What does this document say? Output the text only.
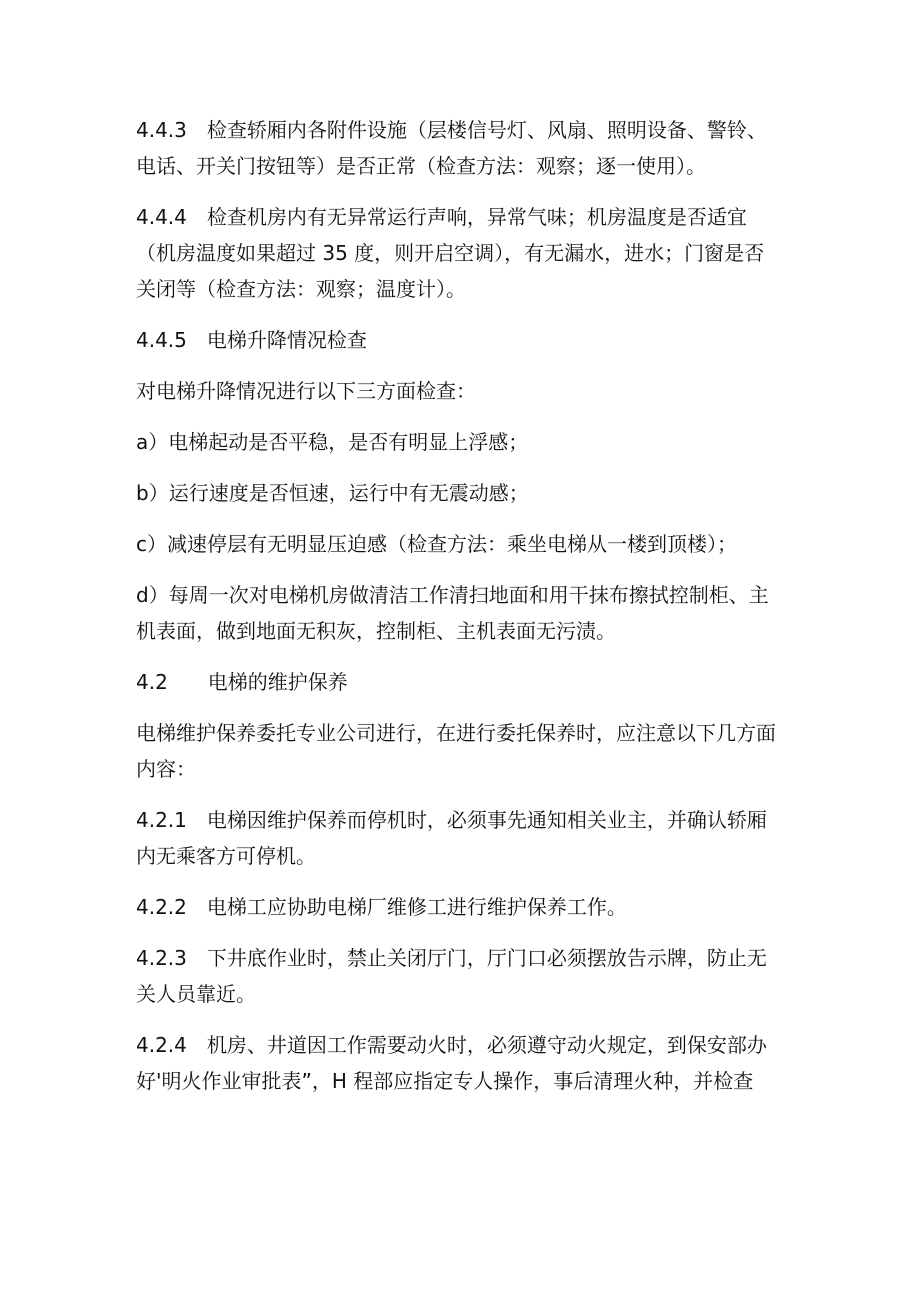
4.4.3　检查轿厢内各附件设施（层楼信号灯、风扇、照明设备、警铃、
电话、开关门按钮等）是否正常（检查方法：观察；逐一使用）。

4.4.4　检查机房内有无异常运行声响，异常气味；机房温度是否适宜
（机房温度如果超过 35 度，则开启空调），有无漏水，进水；门窗是否
关闭等（检查方法：观察；温度计）。

4.4.5　电梯升降情况检查

对电梯升降情况进行以下三方面检查：

a）电梯起动是否平稳，是否有明显上浮感；

b）运行速度是否恒速，运行中有无震动感；

c）减速停层有无明显压迫感（检查方法：乘坐电梯从一楼到顶楼）；

d）每周一次对电梯机房做清洁工作清扫地面和用干抹布擦拭控制柜、主
机表面，做到地面无积灰，控制柜、主机表面无污渍。

4.2　　电梯的维护保养

电梯维护保养委托专业公司进行，在进行委托保养时，应注意以下几方面
内容：

4.2.1　电梯因维护保养而停机时，必须事先通知相关业主，并确认轿厢
内无乘客方可停机。

4.2.2　电梯工应协助电梯厂维修工进行维护保养工作。

4.2.3　下井底作业时，禁止关闭厅门，厅门口必须摆放告示牌，防止无
关人员靠近。

4.2.4　机房、井道因工作需要动火时，必须遵守动火规定，到保安部办
好'明火作业审批表”，H 程部应指定专人操作，事后清理火种，并检查
